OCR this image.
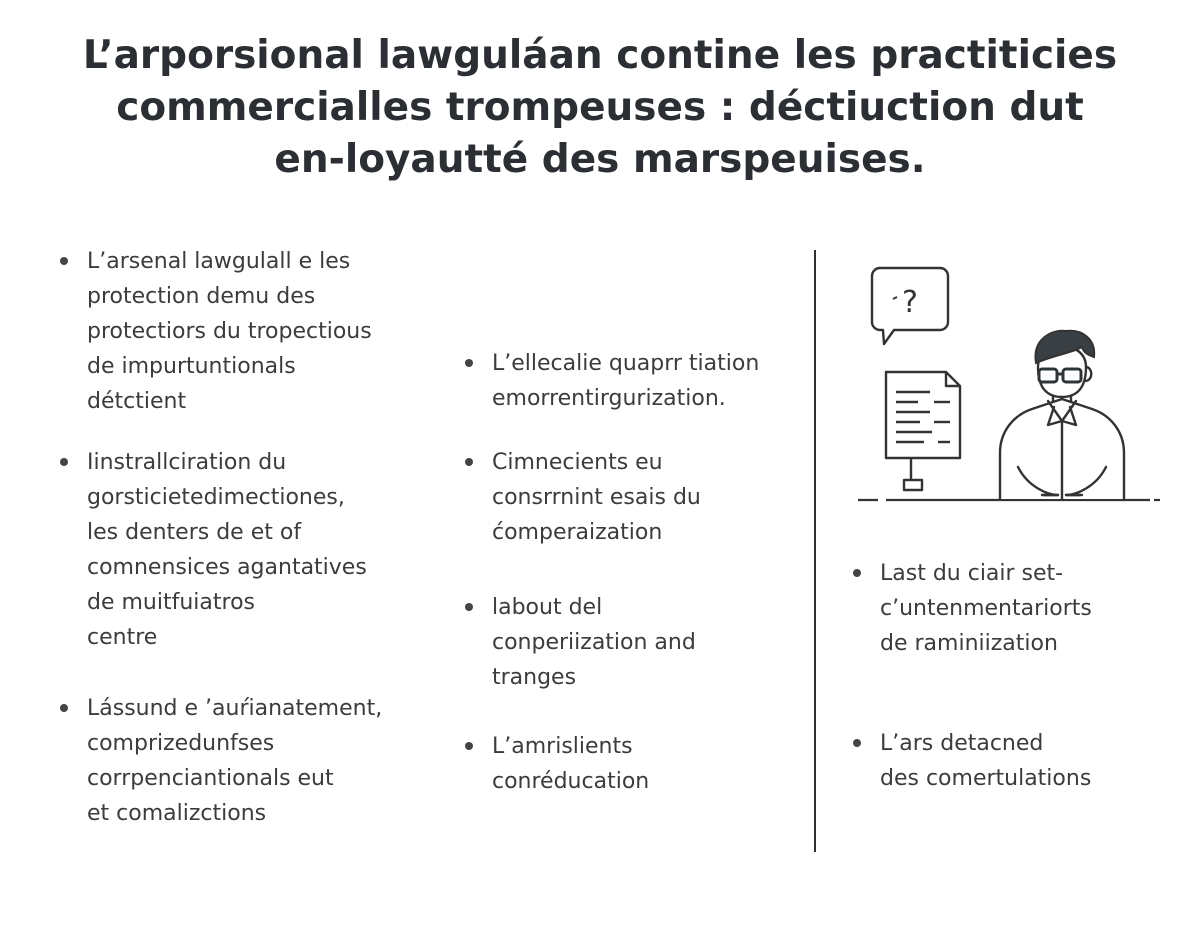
L’arporsional lawguláan contine les practiticies
commercialles trompeuses : déctiuction dut
en-loyautté des marspeuises.
L’arsenal lawgulall e les
protection demu des
protectiors du tropectious
de impurtuntionals
détctient
Iinstrallciration du
gorsticietedimectiones,
les denters de et of
comnensices agantatives
de muitfuiatros
centre
Lássund e ’auŕianatement,
comprizedunfses
corrpenciantionals eut
et comalizctions
L’ellecalie quaprr tiation
emorrentirgurization.
Cimnecients eu
consrrnint esais du
ćomperaization
labout del
conperiization and
tranges
L’amrislients
conréducation
?
Last du ciair set-
c’untenmentariorts
de raminiization
L’ars detacned
des comertulations
